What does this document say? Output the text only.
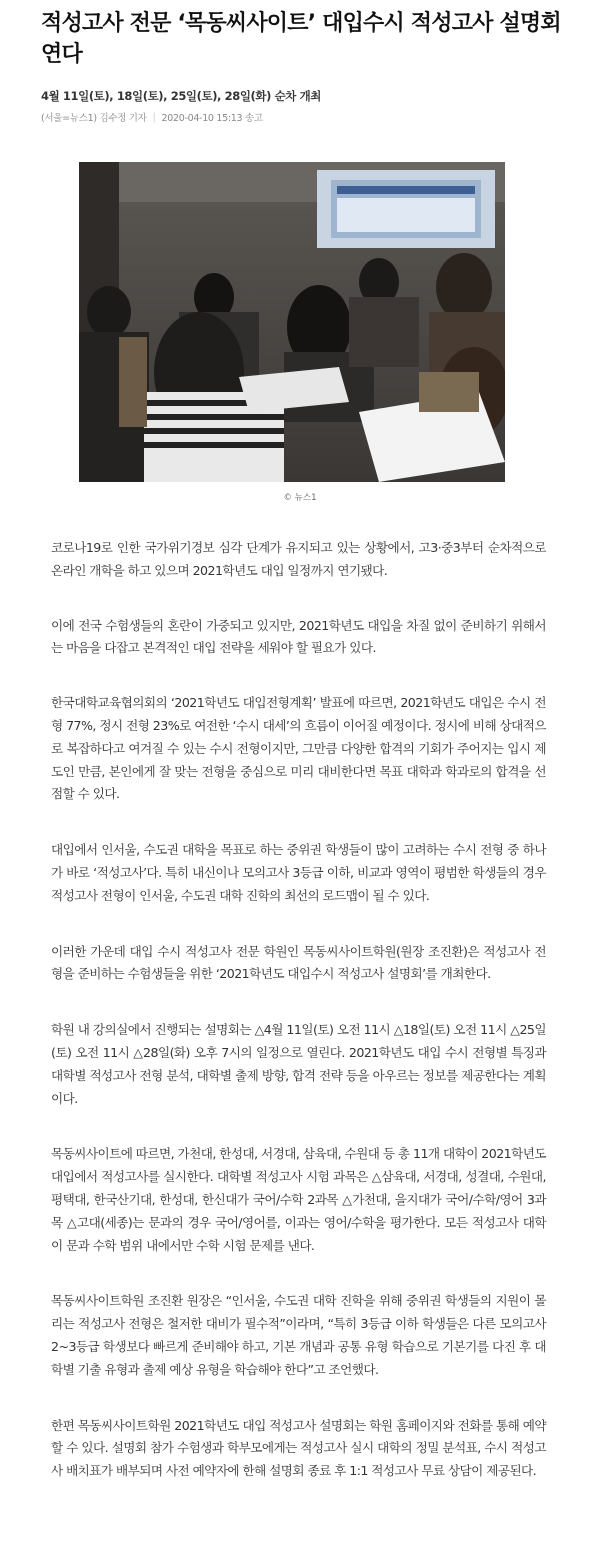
적성고사 전문 ‘목동씨사이트’ 대입수시 적성고사 설명회 연다
4월 11일(토), 18일(토), 25일(토), 28일(화) 순차 개최
(서울=뉴스1) 김수정 기자 | 2020-04-10 15:13 송고
© 뉴스1

코로나19로 인한 국가위기경보 심각 단계가 유지되고 있는 상황에서, 고3·중3부터 순차적으로 온라인 개학을 하고 있으며 2021학년도 대입 일정까지 연기됐다.

이에 전국 수험생들의 혼란이 가중되고 있지만, 2021학년도 대입을 차질 없이 준비하기 위해서는 마음을 다잡고 본격적인 대입 전략을 세워야 할 필요가 있다.

한국대학교육협의회의 ‘2021학년도 대입전형계획’ 발표에 따르면, 2021학년도 대입은 수시 전형 77%, 정시 전형 23%로 여전한 ‘수시 대세’의 흐름이 이어질 예정이다. 정시에 비해 상대적으로 복잡하다고 여겨질 수 있는 수시 전형이지만, 그만큼 다양한 합격의 기회가 주어지는 입시 제도인 만큼, 본인에게 잘 맞는 전형을 중심으로 미리 대비한다면 목표 대학과 학과로의 합격을 선점할 수 있다.

대입에서 인서울, 수도권 대학을 목표로 하는 중위권 학생들이 많이 고려하는 수시 전형 중 하나가 바로 ‘적성고사’다. 특히 내신이나 모의고사 3등급 이하, 비교과 영역이 평범한 학생들의 경우 적성고사 전형이 인서울, 수도권 대학 진학의 최선의 로드맵이 될 수 있다.

이러한 가운데 대입 수시 적성고사 전문 학원인 목동씨사이트학원(원장 조진환)은 적성고사 전형을 준비하는 수험생들을 위한 ‘2021학년도 대입수시 적성고사 설명회’를 개최한다.

학원 내 강의실에서 진행되는 설명회는 △4월 11일(토) 오전 11시 △18일(토) 오전 11시 △25일(토) 오전 11시 △28일(화) 오후 7시의 일정으로 열린다. 2021학년도 대입 수시 전형별 특징과 대학별 적성고사 전형 분석, 대학별 출제 방향, 합격 전략 등을 아우르는 정보를 제공한다는 계획이다.

목동씨사이트에 따르면, 가천대, 한성대, 서경대, 삼육대, 수원대 등 총 11개 대학이 2021학년도 대입에서 적성고사를 실시한다. 대학별 적성고사 시험 과목은 △삼육대, 서경대, 성결대, 수원대, 평택대, 한국산기대, 한성대, 한신대가 국어/수학 2과목 △가천대, 을지대가 국어/수학/영어 3과목 △고대(세종)는 문과의 경우 국어/영어를, 이과는 영어/수학을 평가한다. 모든 적성고사 대학이 문과 수학 범위 내에서만 수학 시험 문제를 낸다.

목동씨사이트학원 조진환 원장은 “인서울, 수도권 대학 진학을 위해 중위권 학생들의 지원이 몰리는 적성고사 전형은 철저한 대비가 필수적”이라며, “특히 3등급 이하 학생들은 다른 모의고사 2~3등급 학생보다 빠르게 준비해야 하고, 기본 개념과 공통 유형 학습으로 기본기를 다진 후 대학별 기출 유형과 출제 예상 유형을 학습해야 한다”고 조언했다.

한편 목동씨사이트학원 2021학년도 대입 적성고사 설명회는 학원 홈페이지와 전화를 통해 예약할 수 있다. 설명회 참가 수험생과 학부모에게는 적성고사 실시 대학의 정밀 분석표, 수시 적성고사 배치표가 배부되며 사전 예약자에 한해 설명회 종료 후 1:1 적성고사 무료 상담이 제공된다.
